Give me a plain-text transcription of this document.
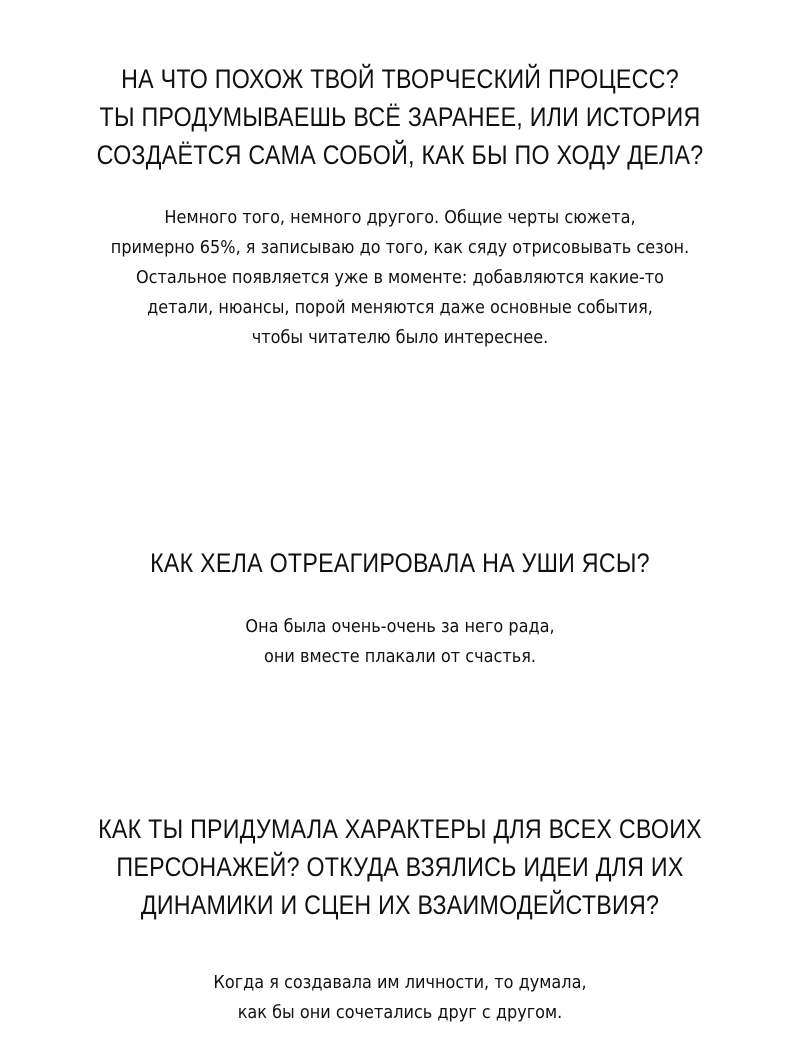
НА ЧТО ПОХОЖ ТВОЙ ТВОРЧЕСКИЙ ПРОЦЕСС?
ТЫ ПРОДУМЫВАЕШЬ ВСЁ ЗАРАНЕЕ, ИЛИ ИСТОРИЯ
СОЗДАЁТСЯ САМА СОБОЙ, КАК БЫ ПО ХОДУ ДЕЛА?

Немного того, немного другого. Общие черты сюжета,
примерно 65%, я записываю до того, как сяду отрисовывать сезон.
Остальное появляется уже в моменте: добавляются какие-то
детали, нюансы, порой меняются даже основные события,
чтобы читателю было интереснее.

КАК ХЕЛА ОТРЕАГИРОВАЛА НА УШИ ЯСЫ?

Она была очень-очень за него рада,
они вместе плакали от счастья.

КАК ТЫ ПРИДУМАЛА ХАРАКТЕРЫ ДЛЯ ВСЕХ СВОИХ
ПЕРСОНАЖЕЙ? ОТКУДА ВЗЯЛИСЬ ИДЕИ ДЛЯ ИХ
ДИНАМИКИ И СЦЕН ИХ ВЗАИМОДЕЙСТВИЯ?

Когда я создавала им личности, то думала,
как бы они сочетались друг с другом.
